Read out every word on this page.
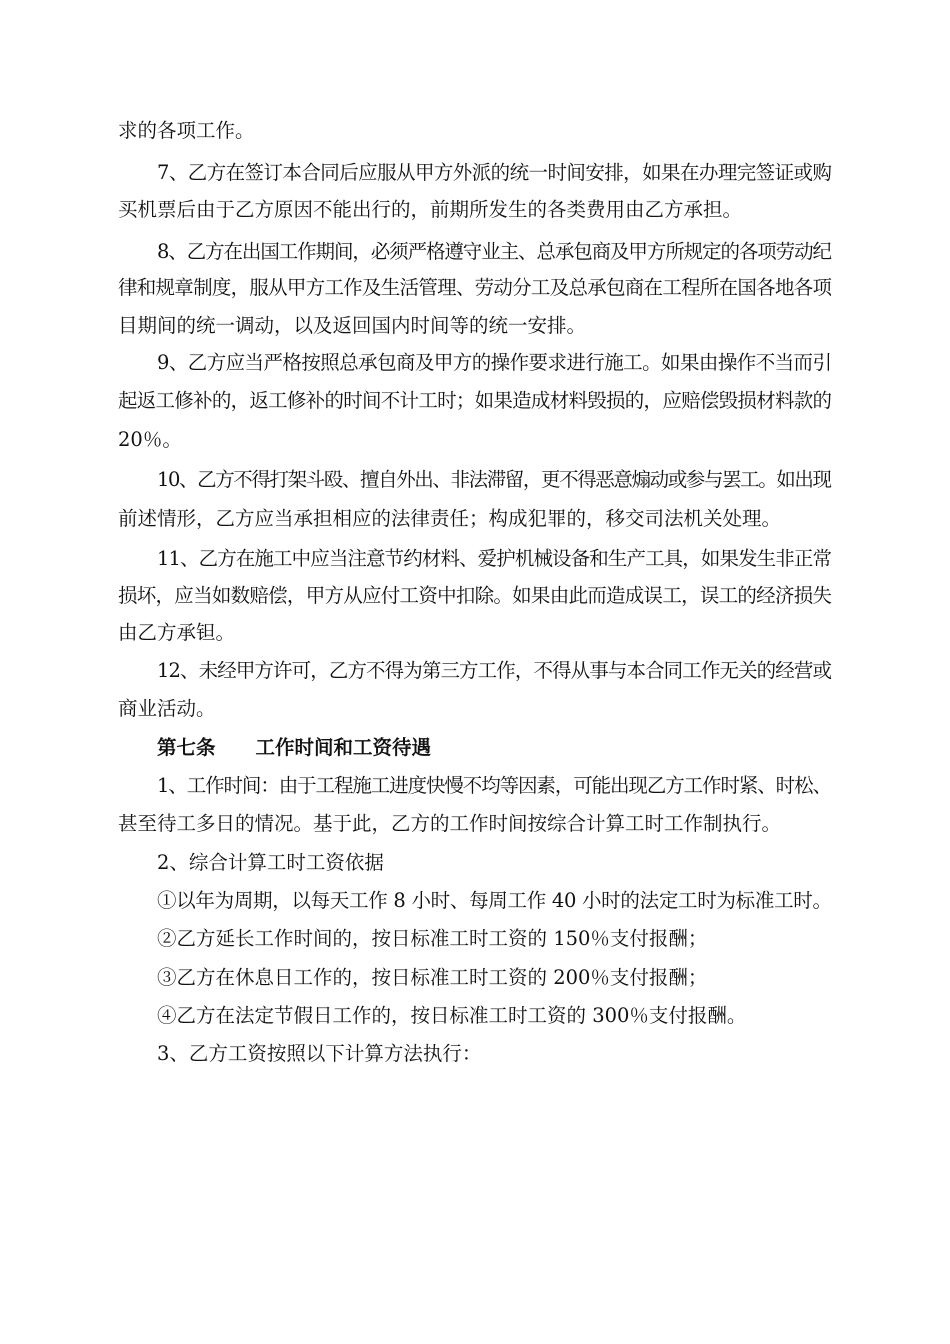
求的各项工作。
7、乙方在签订本合同后应服从甲方外派的统一时间安排，如果在办理完签证或购
买机票后由于乙方原因不能出行的，前期所发生的各类费用由乙方承担。
8、乙方在出国工作期间，必须严格遵守业主、总承包商及甲方所规定的各项劳动纪
律和规章制度，服从甲方工作及生活管理、劳动分工及总承包商在工程所在国各地各项
目期间的统一调动，以及返回国内时间等的统一安排。
9、乙方应当严格按照总承包商及甲方的操作要求进行施工。如果由操作不当而引
起返工修补的，返工修补的时间不计工时；如果造成材料毁损的，应赔偿毁损材料款的
20％。
10、乙方不得打架斗殴、擅自外出、非法滞留，更不得恶意煽动或参与罢工。如出现
前述情形，乙方应当承担相应的法律责任；构成犯罪的，移交司法机关处理。
11、乙方在施工中应当注意节约材料、爱护机械设备和生产工具，如果发生非正常
损坏，应当如数赔偿，甲方从应付工资中扣除。如果由此而造成误工，误工的经济损失
由乙方承钽。
12、未经甲方许可，乙方不得为第三方工作，不得从事与本合同工作无关的经营或
商业活动。
第七条 工作时间和工资待遇
1、工作时间：由于工程施工进度快慢不均等因素，可能出现乙方工作时紧、时松、
甚至待工多日的情况。基于此，乙方的工作时间按综合计算工时工作制执行。
2、综合计算工时工资依据
①以年为周期，以每天工作 8 小时、每周工作 40 小时的法定工时为标准工时。
②乙方延长工作时间的，按日标准工时工资的 150％支付报酬；
③乙方在休息日工作的，按日标准工时工资的 200％支付报酬；
④乙方在法定节假日工作的，按日标准工时工资的 300％支付报酬。
3、乙方工资按照以下计算方法执行：
